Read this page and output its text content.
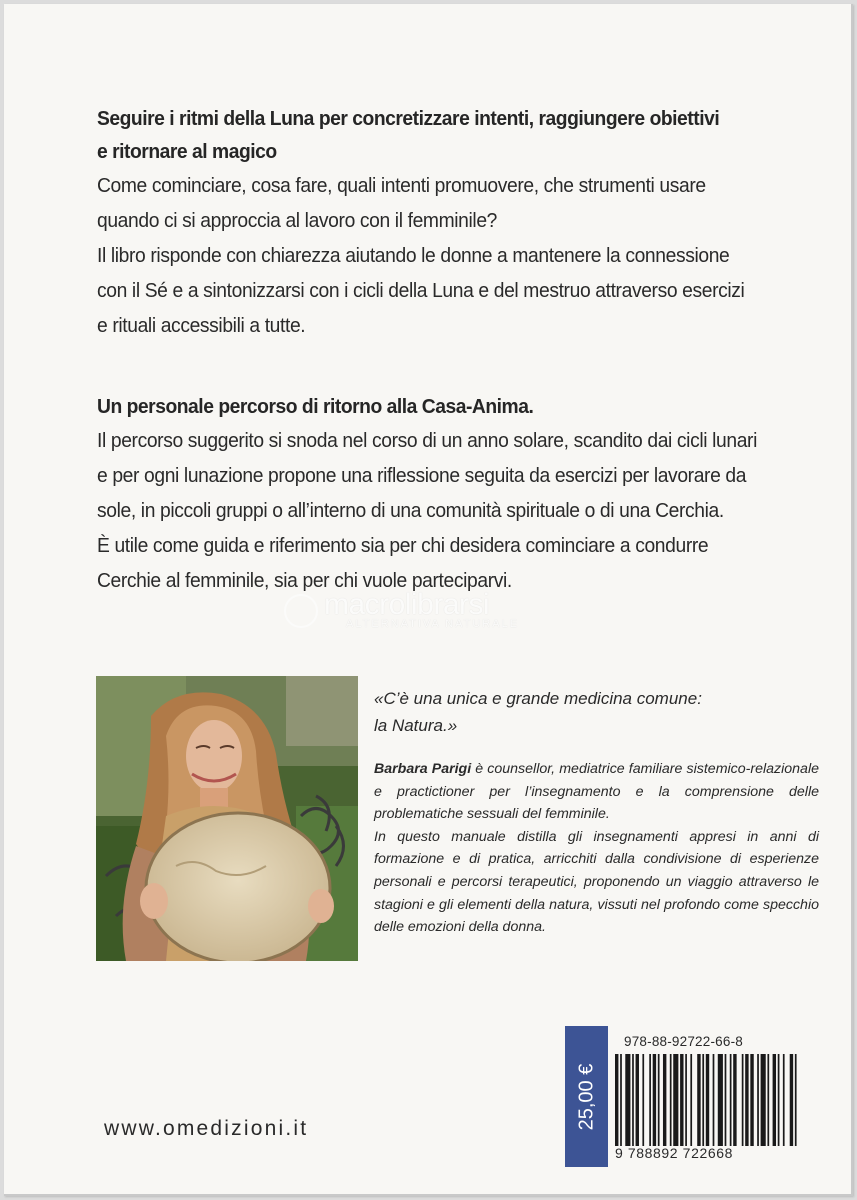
Seguire i ritmi della Luna per concretizzare intenti, raggiungere obiettivi

e ritornare al magico

Come cominciare, cosa fare, quali intenti promuovere, che strumenti usare

quando ci si approccia al lavoro con il femminile?

Il libro risponde con chiarezza aiutando le donne a mantenere la connessione

con il Sé e a sintonizzarsi con i cicli della Luna e del mestruo attraverso esercizi

e rituali accessibili a tutte.

Un personale percorso di ritorno alla Casa-Anima.

Il percorso suggerito si snoda nel corso di un anno solare, scandito dai cicli lunari

e per ogni lunazione propone una riflessione seguita da esercizi per lavorare da

sole, in piccoli gruppi o all’interno di una comunità spirituale o di una Cerchia.

È utile come guida e riferimento sia per chi desidera cominciare a condurre

Cerchie al femminile, sia per chi vuole parteciparvi.

macrolibrarsi
ALTERNATIVA NATURALE
«C’è una unica e grande medicina comune:
la Natura.»

Barbara Parigi è counsellor, mediatrice familiare sistemico-relazionale e practictioner per l’insegnamento e la comprensione delle problematiche sessuali del femminile.

In questo manuale distilla gli insegnamenti appresi in anni di formazione e di pratica, arricchiti dalla condivisione di esperienze personali e percorsi terapeutici, proponendo un viaggio attraverso le stagioni e gli elementi della natura, vissuti nel profondo come specchio delle emozioni della donna.

www.omedizioni.it	25,00 €
978-88-92722-66-8
9 788892 722668
